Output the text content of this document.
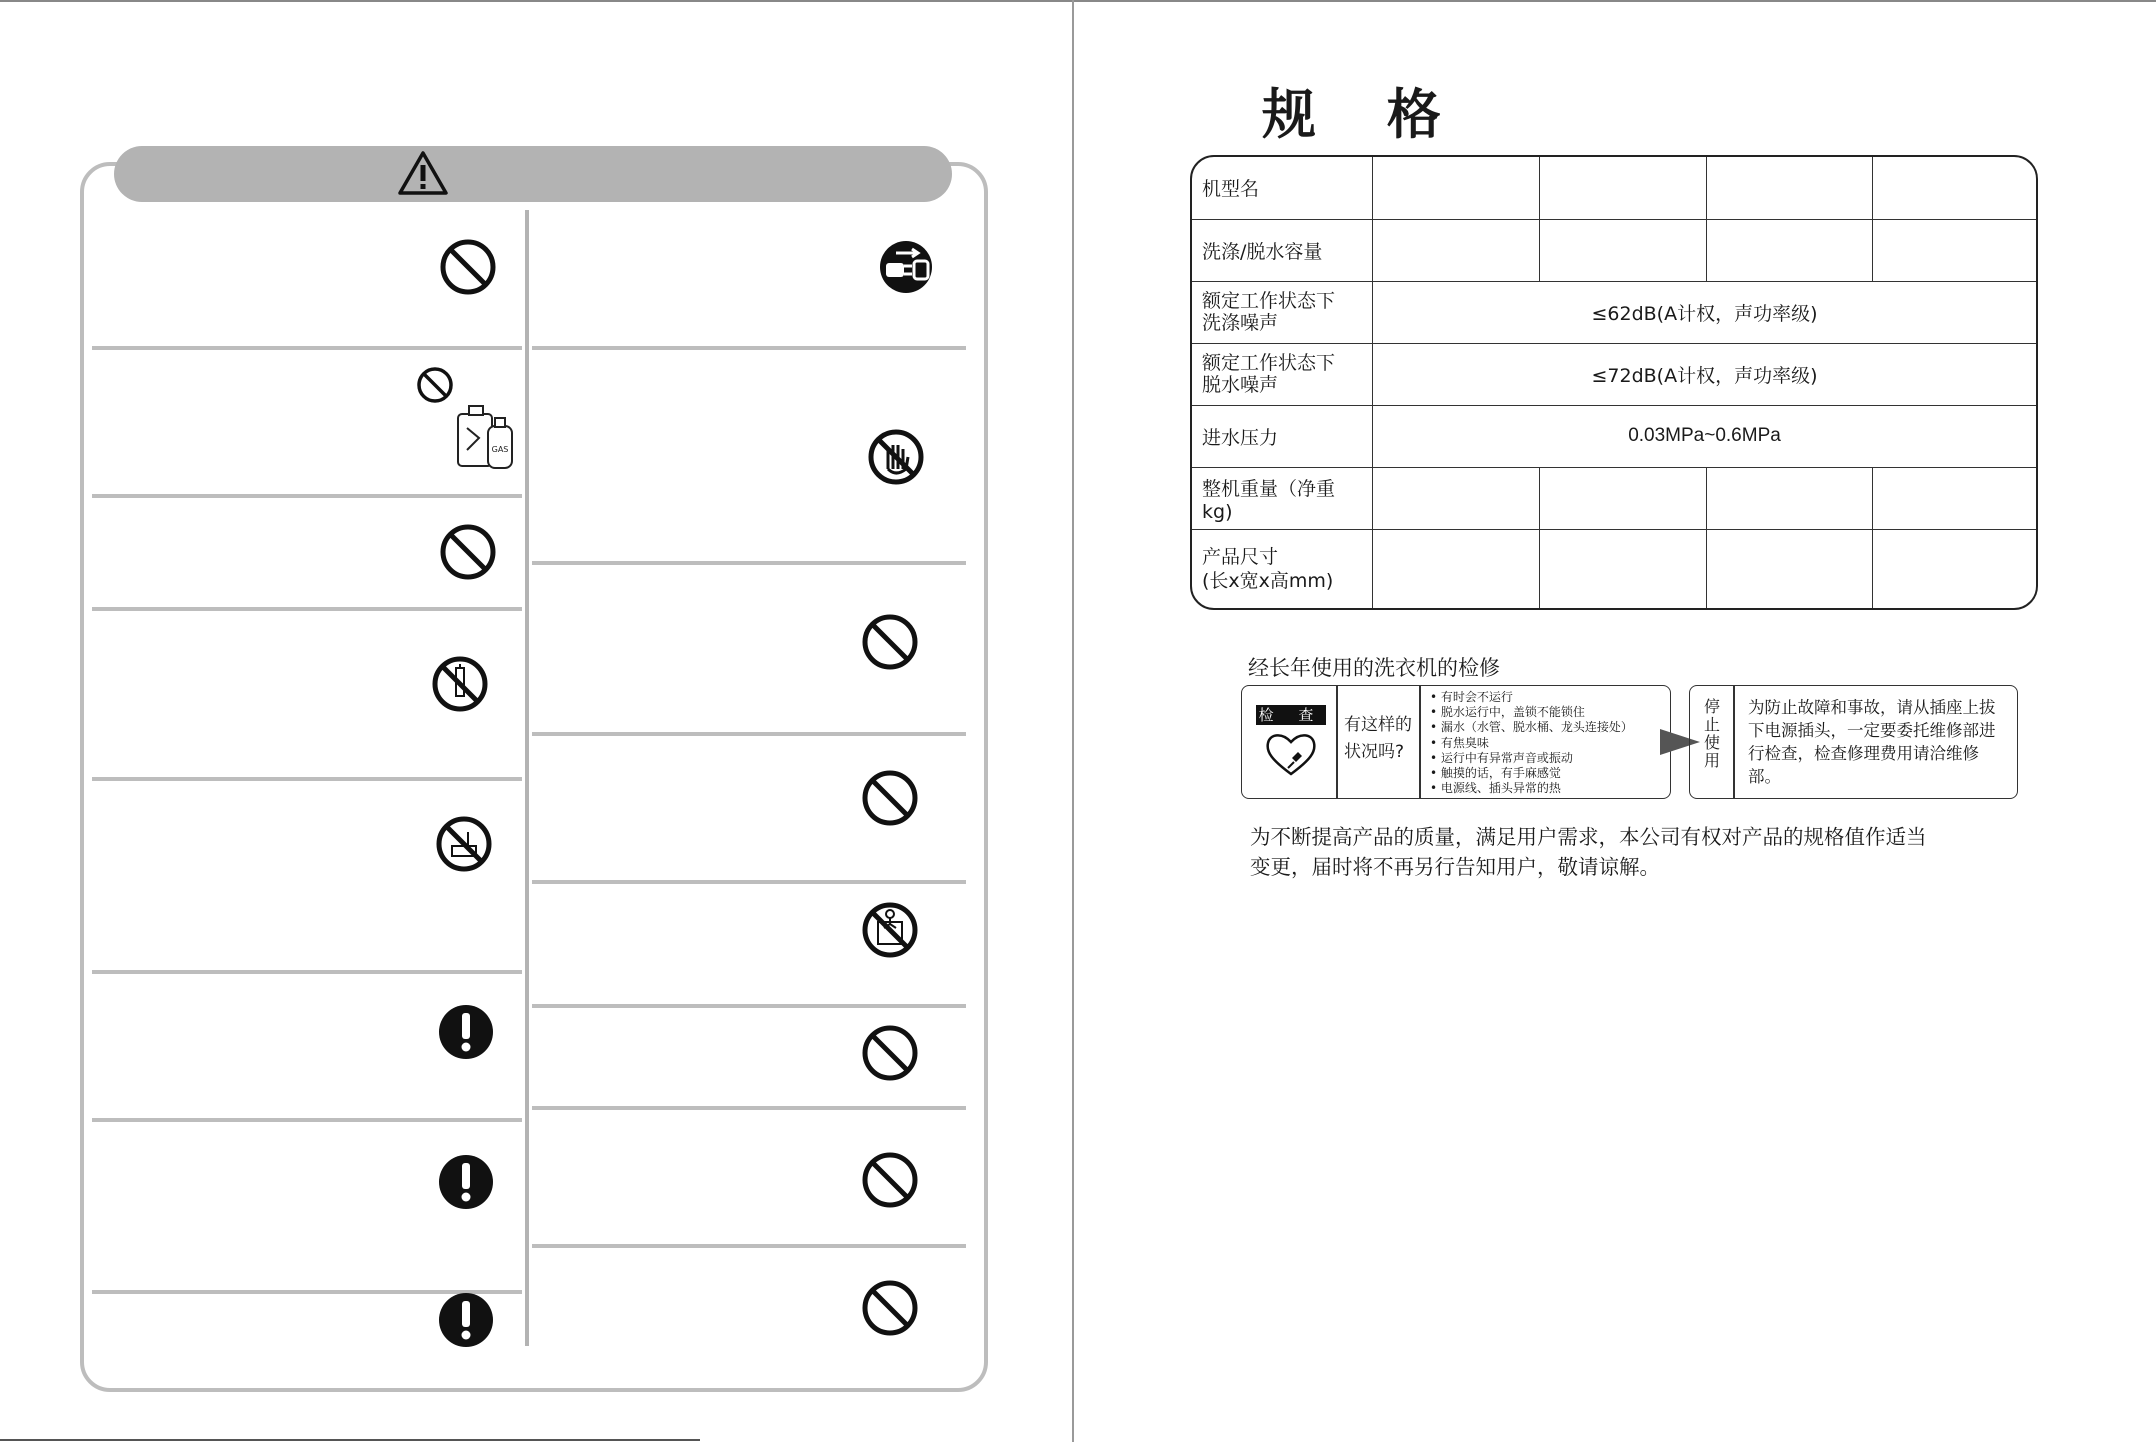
GAS
规 格
机型名				
洗涤/脱水容量				
额定工作状态下
洗涤噪声	≤62dB(A计权，声功率级)			
额定工作状态下
脱水噪声	≤72dB(A计权，声功率级)			
进水压力	0.03MPa~0.6MPa			
整机重量（净重kg)				
产品尺寸
(长x宽x高mm)				
经长年使用的洗衣机的检修
检 查 有这样的
状况吗?
• 有时会不运行
• 脱水运行中，盖锁不能锁住
• 漏水（水管、脱水桶、龙头连接处）
• 有焦臭味
• 运行中有异常声音或振动
• 触摸的话，有手麻感觉
• 电源线、插头异常的热
停止使用
为防止故障和事故，请从插座上拔下电源插头，一定要委托维修部进行检查，检查修理费用请洽维修部。
为不断提高产品的质量，满足用户需求，本公司有权对产品的规格值作适当变更，届时将不再另行告知用户，敬请谅解。
